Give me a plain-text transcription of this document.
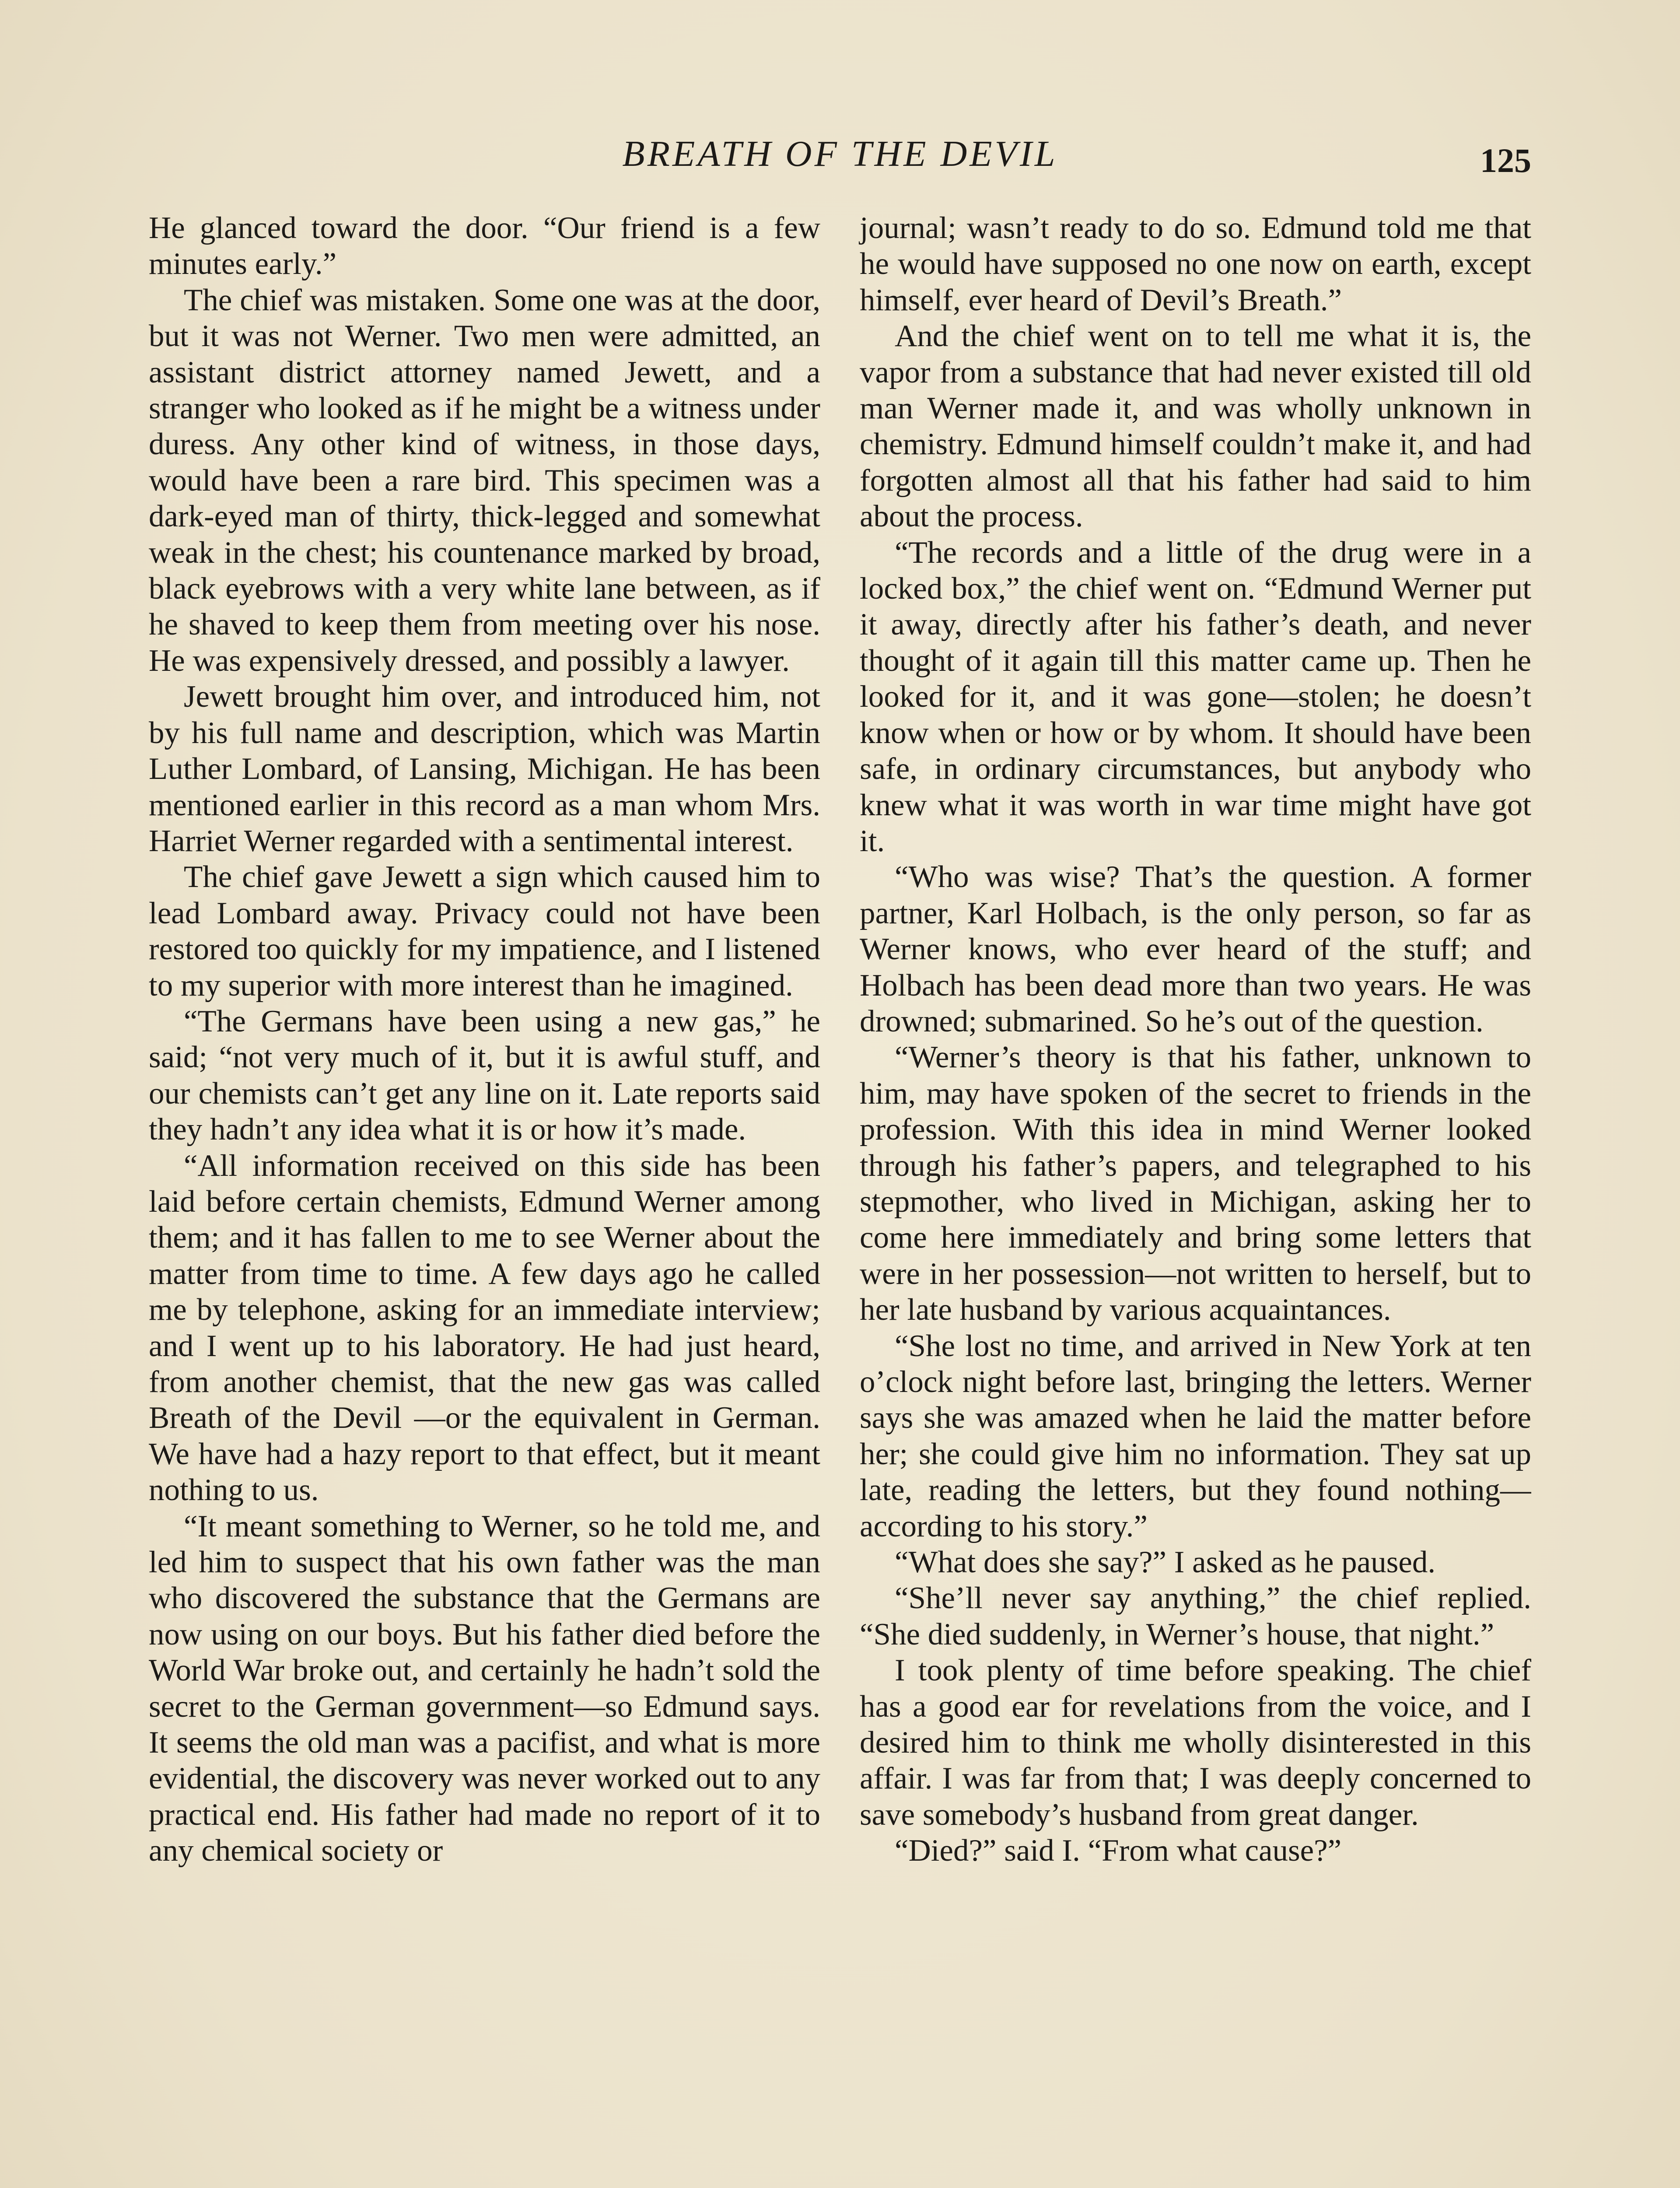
BREATH OF THE DEVIL	125

He glanced toward the door. “Our friend is a few minutes early.”

The chief was mistaken. Some one was at the door, but it was not Werner. Two men were admitted, an assistant district attorney named Jewett, and a stranger who looked as if he might be a witness under duress. Any other kind of witness, in those days, would have been a rare bird. This specimen was a dark-eyed man of thirty, thick-legged and somewhat weak in the chest; his countenance marked by broad, black eyebrows with a very white lane between, as if he shaved to keep them from meeting over his nose. He was expensively dressed, and possibly a lawyer.

Jewett brought him over, and introduced him, not by his full name and description, which was Martin Luther Lombard, of Lansing, Michigan. He has been mentioned earlier in this record as a man whom Mrs. Harriet Werner regarded with a sentimental interest.

The chief gave Jewett a sign which caused him to lead Lombard away. Privacy could not have been restored too quickly for my impatience, and I listened to my superior with more interest than he imagined.

“The Germans have been using a new gas,” he said; “not very much of it, but it is awful stuff, and our chemists can’t get any line on it. Late reports said they hadn’t any idea what it is or how it’s made.

“All information received on this side has been laid before certain chemists, Edmund Werner among them; and it has fallen to me to see Werner about the matter from time to time. A few days ago he called me by telephone, asking for an immediate interview; and I went up to his laboratory. He had just heard, from another chemist, that the new gas was called Breath of the Devil —or the equivalent in German. We have had a hazy report to that effect, but it meant nothing to us.

“It meant something to Werner, so he told me, and led him to suspect that his own father was the man who discovered the substance that the Germans are now using on our boys. But his father died before the World War broke out, and certainly he hadn’t sold the secret to the German government—so Edmund says. It seems the old man was a pacifist, and what is more evidential, the discovery was never worked out to any practical end. His father had made no report of it to any chemical society or

journal; wasn’t ready to do so. Edmund told me that he would have supposed no one now on earth, except himself, ever heard of Devil’s Breath.”

And the chief went on to tell me what it is, the vapor from a substance that had never existed till old man Werner made it, and was wholly unknown in chemistry. Edmund himself couldn’t make it, and had forgotten almost all that his father had said to him about the process.

“The records and a little of the drug were in a locked box,” the chief went on. “Edmund Werner put it away, directly after his father’s death, and never thought of it again till this matter came up. Then he looked for it, and it was gone—stolen; he doesn’t know when or how or by whom. It should have been safe, in ordinary circumstances, but anybody who knew what it was worth in war time might have got it.

“Who was wise? That’s the question. A former partner, Karl Holbach, is the only person, so far as Werner knows, who ever heard of the stuff; and Holbach has been dead more than two years. He was drowned; submarined. So he’s out of the question.

“Werner’s theory is that his father, unknown to him, may have spoken of the secret to friends in the profession. With this idea in mind Werner looked through his father’s papers, and telegraphed to his stepmother, who lived in Michigan, asking her to come here immediately and bring some letters that were in her possession—not written to herself, but to her late husband by various acquaintances.

“She lost no time, and arrived in New York at ten o’clock night before last, bringing the letters. Werner says she was amazed when he laid the matter before her; she could give him no information. They sat up late, reading the letters, but they found nothing—according to his story.”

“What does she say?” I asked as he paused.

“She’ll never say anything,” the chief replied. “She died suddenly, in Werner’s house, that night.”

I took plenty of time before speaking. The chief has a good ear for revelations from the voice, and I desired him to think me wholly disinterested in this affair. I was far from that; I was deeply concerned to save somebody’s husband from great danger.

“Died?” said I. “From what cause?”
